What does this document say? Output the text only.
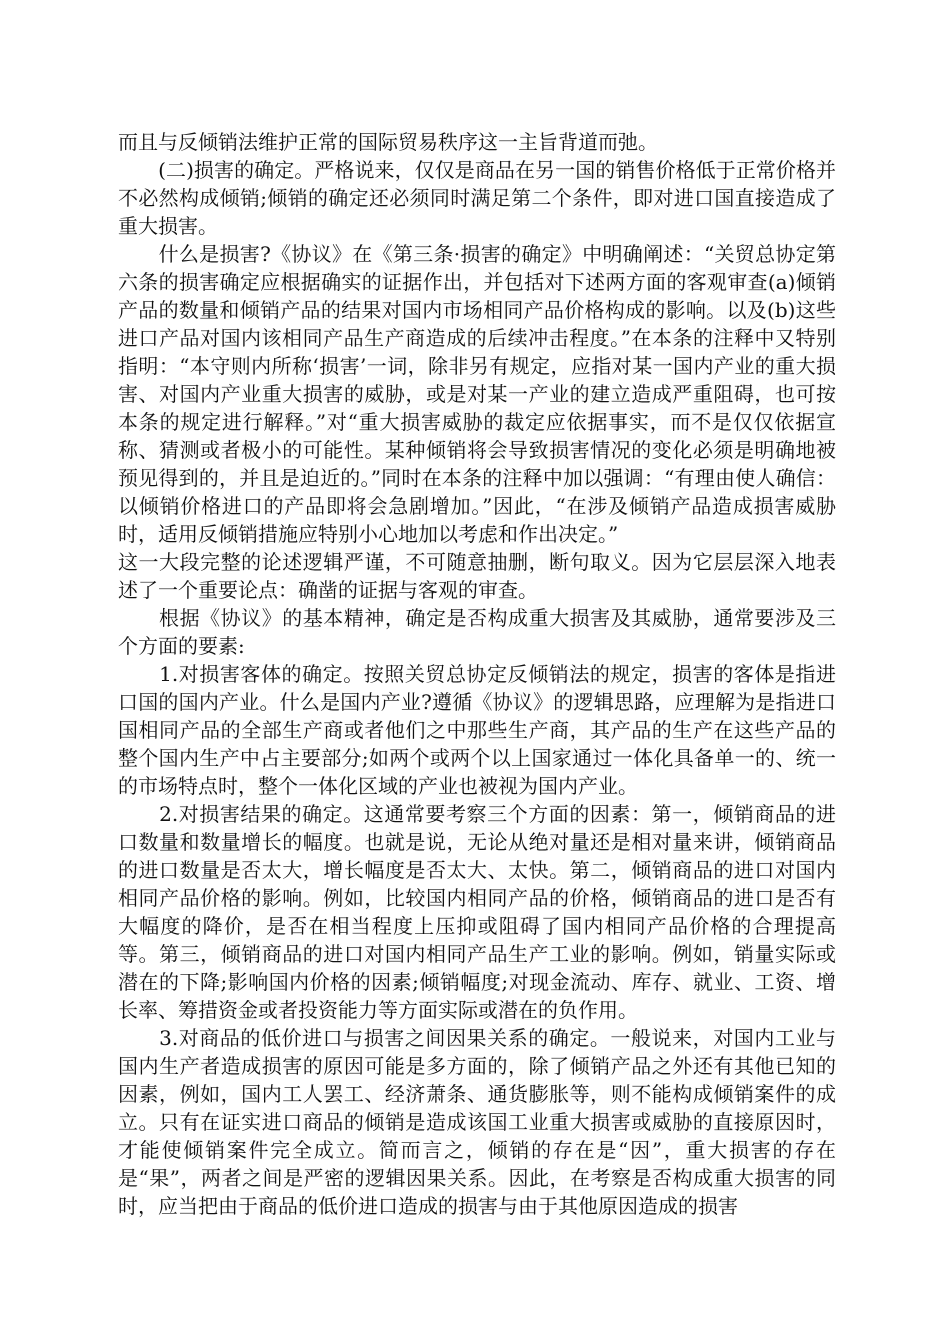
而且与反倾销法维护正常的国际贸易秩序这一主旨背道而弛。

　　(二)损害的确定。严格说来，仅仅是商品在另一国的销售价格低于正常价格并不必然构成倾销;倾销的确定还必须同时满足第二个条件，即对进口国直接造成了重大损害。

　　什么是损害?《协议》在《第三条·损害的确定》中明确阐述：“关贸总协定第六条的损害确定应根据确实的证据作出，并包括对下述两方面的客观审查(a)倾销产品的数量和倾销产品的结果对国内市场相同产品价格构成的影响。以及(b)这些进口产品对国内该相同产品生产商造成的后续冲击程度。”在本条的注释中又特别指明：“本守则内所称‘损害’一词，除非另有规定，应指对某一国内产业的重大损害、对国内产业重大损害的威胁，或是对某一产业的建立造成严重阻碍，也可按本条的规定进行解释。”对“重大损害威胁的裁定应依据事实，而不是仅仅依据宣称、猜测或者极小的可能性。某种倾销将会导致损害情况的变化必须是明确地被预见得到的，并且是迫近的。”同时在本条的注释中加以强调：“有理由使人确信：以倾销价格进口的产品即将会急剧增加。”因此，“在涉及倾销产品造成损害威胁时，适用反倾销措施应特别小心地加以考虑和作出决定。”

这一大段完整的论述逻辑严谨，不可随意抽删，断句取义。因为它层层深入地表述了一个重要论点：确凿的证据与客观的审查。

　　根据《协议》的基本精神，确定是否构成重大损害及其威胁，通常要涉及三个方面的要素:

　　1.对损害客体的确定。按照关贸总协定反倾销法的规定，损害的客体是指进口国的国内产业。什么是国内产业?遵循《协议》的逻辑思路，应理解为是指进口国相同产品的全部生产商或者他们之中那些生产商，其产品的生产在这些产品的整个国内生产中占主要部分;如两个或两个以上国家通过一体化具备单一的、统一的市场特点时，整个一体化区域的产业也被视为国内产业。

　　2.对损害结果的确定。这通常要考察三个方面的因素：第一，倾销商品的进口数量和数量增长的幅度。也就是说，无论从绝对量还是相对量来讲，倾销商品的进口数量是否太大，增长幅度是否太大、太快。第二，倾销商品的进口对国内相同产品价格的影响。例如，比较国内相同产品的价格，倾销商品的进口是否有大幅度的降价，是否在相当程度上压抑或阻碍了国内相同产品价格的合理提高等。第三，倾销商品的进口对国内相同产品生产工业的影响。例如，销量实际或潜在的下降;影响国内价格的因素;倾销幅度;对现金流动、库存、就业、工资、增长率、筹措资金或者投资能力等方面实际或潜在的负作用。

　　3.对商品的低价进口与损害之间因果关系的确定。一般说来，对国内工业与国内生产者造成损害的原因可能是多方面的，除了倾销产品之外还有其他已知的因素，例如，国内工人罢工、经济萧条、通货膨胀等，则不能构成倾销案件的成立。只有在证实进口商品的倾销是造成该国工业重大损害或威胁的直接原因时，才能使倾销案件完全成立。简而言之，倾销的存在是“因”，重大损害的存在是“果”，两者之间是严密的逻辑因果关系。因此，在考察是否构成重大损害的同时，应当把由于商品的低价进口造成的损害与由于其他原因造成的损害
